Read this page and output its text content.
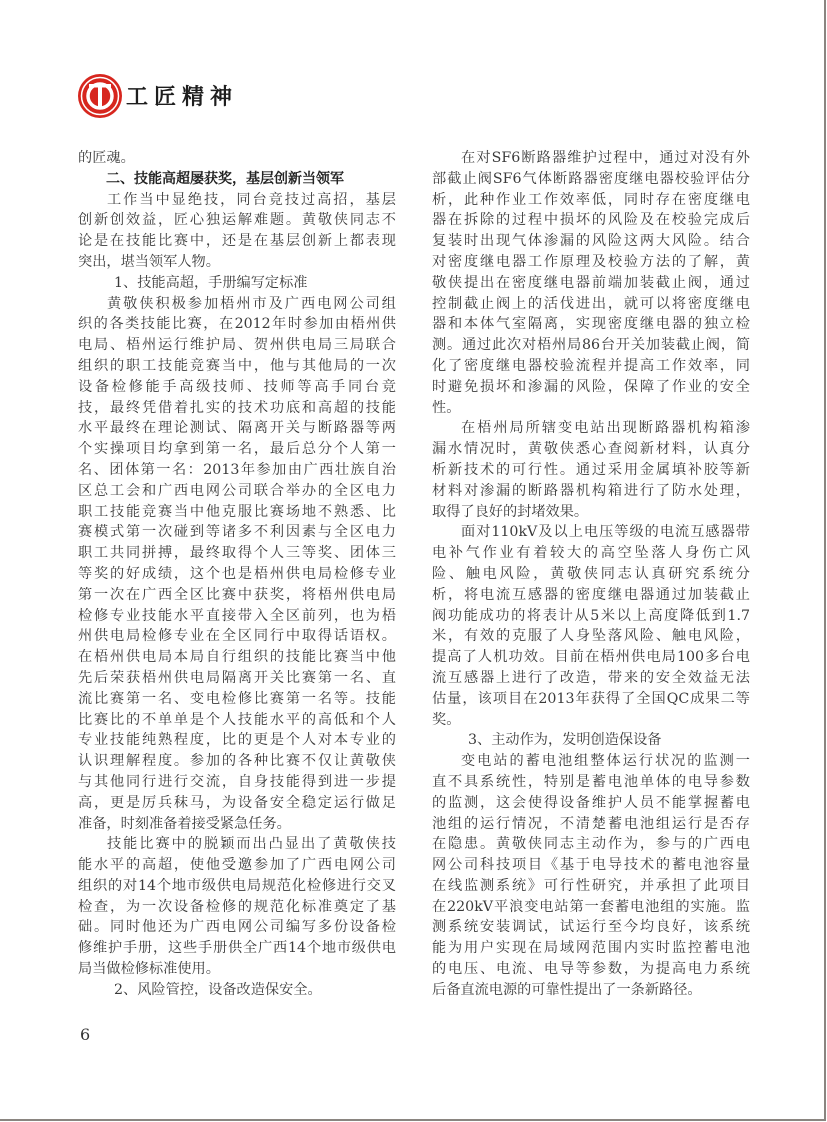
工匠精神
的匠魂。
二、技能高超屡获奖，基层创新当领军
工作当中显绝技，同台竞技过高招，基层
创新创效益，匠心独运解难题。黄敬侠同志不
论是在技能比赛中，还是在基层创新上都表现
突出，堪当领军人物。
1、技能高超，手册编写定标准
黄敬侠积极参加梧州市及广西电网公司组
织的各类技能比赛，在2012年时参加由梧州供
电局、梧州运行维护局、贺州供电局三局联合
组织的职工技能竞赛当中，他与其他局的一次
设备检修能手高级技师、技师等高手同台竞
技，最终凭借着扎实的技术功底和高超的技能
水平最终在理论测试、隔离开关与断路器等两
个实操项目均拿到第一名，最后总分个人第一
名、团体第一名：2013年参加由广西壮族自治
区总工会和广西电网公司联合举办的全区电力
职工技能竞赛当中他克服比赛场地不熟悉、比
赛模式第一次碰到等诸多不利因素与全区电力
职工共同拼搏，最终取得个人三等奖、团体三
等奖的好成绩，这个也是梧州供电局检修专业
第一次在广西全区比赛中获奖，将梧州供电局
检修专业技能水平直接带入全区前列，也为梧
州供电局检修专业在全区同行中取得话语权。
在梧州供电局本局自行组织的技能比赛当中他
先后荣获梧州供电局隔离开关比赛第一名、直
流比赛第一名、变电检修比赛第一名等。技能
比赛比的不单单是个人技能水平的高低和个人
专业技能纯熟程度，比的更是个人对本专业的
认识理解程度。参加的各种比赛不仅让黄敬侠
与其他同行进行交流，自身技能得到进一步提
高，更是厉兵秣马，为设备安全稳定运行做足
准备，时刻准备着接受紧急任务。
技能比赛中的脱颖而出凸显出了黄敬侠技
能水平的高超，使他受邀参加了广西电网公司
组织的对14个地市级供电局规范化检修进行交叉
检查，为一次设备检修的规范化标准奠定了基
础。同时他还为广西电网公司编写多份设备检
修维护手册，这些手册供全广西14个地市级供电
局当做检修标准使用。
2、风险管控，设备改造保安全。
在对SF6断路器维护过程中，通过对没有外
部截止阀SF6气体断路器密度继电器校验评估分
析，此种作业工作效率低，同时存在密度继电
器在拆除的过程中损坏的风险及在校验完成后
复装时出现气体渗漏的风险这两大风险。结合
对密度继电器工作原理及校验方法的了解，黄
敬侠提出在密度继电器前端加装截止阀，通过
控制截止阀上的活伐进出，就可以将密度继电
器和本体气室隔离，实现密度继电器的独立检
测。通过此次对梧州局86台开关加装截止阀，简
化了密度继电器校验流程并提高工作效率，同
时避免损坏和渗漏的风险，保障了作业的安全
性。
在梧州局所辖变电站出现断路器机构箱渗
漏水情况时，黄敬侠悉心查阅新材料，认真分
析新技术的可行性。通过采用金属填补胶等新
材料对渗漏的断路器机构箱进行了防水处理，
取得了良好的封堵效果。
面对110kV及以上电压等级的电流互感器带
电补气作业有着较大的高空坠落人身伤亡风
险、触电风险，黄敬侠同志认真研究系统分
析，将电流互感器的密度继电器通过加装截止
阀功能成功的将表计从5米以上高度降低到1.7
米，有效的克服了人身坠落风险、触电风险，
提高了人机功效。目前在梧州供电局100多台电
流互感器上进行了改造，带来的安全效益无法
估量，该项目在2013年获得了全国QC成果二等
奖。
3、主动作为，发明创造保设备
变电站的蓄电池组整体运行状况的监测一
直不具系统性，特别是蓄电池单体的电导参数
的监测，这会使得设备维护人员不能掌握蓄电
池组的运行情况，不清楚蓄电池组运行是否存
在隐患。黄敬侠同志主动作为，参与的广西电
网公司科技项目《基于电导技术的蓄电池容量
在线监测系统》可行性研究，并承担了此项目
在220kV平浪变电站第一套蓄电池组的实施。监
测系统安装调试，试运行至今均良好，该系统
能为用户实现在局域网范围内实时监控蓄电池
的电压、电流、电导等参数，为提高电力系统
后备直流电源的可靠性提出了一条新路径。
6
